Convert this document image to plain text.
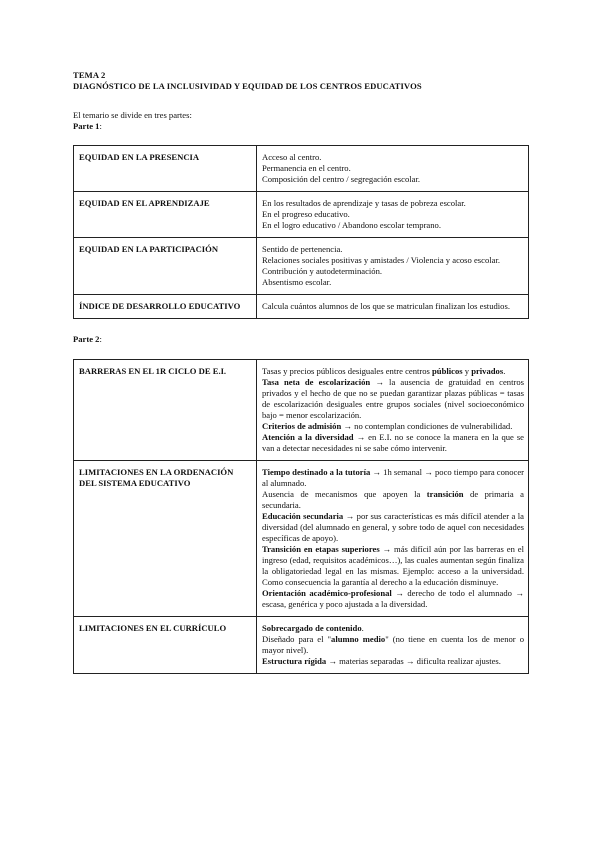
TEMA 2
DIAGNÓSTICO DE LA INCLUSIVIDAD Y EQUIDAD DE LOS CENTROS EDUCATIVOS
El temario se divide en tres partes:
Parte 1:
EQUIDAD EN LA PRESENCIA	Acceso al centro.

Permanencia en el centro.

Composición del centro / segregación escolar.

EQUIDAD EN EL APRENDIZAJE	En los resultados de aprendizaje y tasas de pobreza escolar.

En el progreso educativo.

En el logro educativo / Abandono escolar temprano.

EQUIDAD EN LA PARTICIPACIÓN	Sentido de pertenencia.

Relaciones sociales positivas y amistades / Violencia y acoso escolar.

Contribución y autodeterminación.

Absentismo escolar.

ÍNDICE DE DESARROLLO EDUCATIVO	Calcula cuántos alumnos de los que se matriculan finalizan los estudios.

Parte 2:
BARRERAS EN EL 1R CICLO DE E.I.	Tasas y precios públicos desiguales entre centros públicos y privados.

Tasa neta de escolarización → la ausencia de gratuidad en centros privados y el hecho de que no se puedan garantizar plazas públicas = tasas de escolarización desiguales entre grupos sociales (nivel socioeconómico bajo = menor escolarización.

Criterios de admisión → no contemplan condiciones de vulnerabilidad.

Atención a la diversidad → en E.I. no se conoce la manera en la que se van a detectar necesidades ni se sabe cómo intervenir.

LIMITACIONES EN LA ORDENACIÓN DEL SISTEMA EDUCATIVO	Tiempo destinado a la tutoría → 1h semanal → poco tiempo para conocer al alumnado.

Ausencia de mecanismos que apoyen la transición de primaria a secundaria.

Educación secundaria → por sus características es más difícil atender a la diversidad (del alumnado en general, y sobre todo de aquel con necesidades específicas de apoyo).

Transición en etapas superiores → más difícil aún por las barreras en el ingreso (edad, requisitos académicos…), las cuales aumentan según finaliza la obligatoriedad legal en las mismas. Ejemplo: acceso a la universidad. Como consecuencia la garantía al derecho a la educación disminuye.

Orientación académico-profesional → derecho de todo el alumnado → escasa, genérica y poco ajustada a la diversidad.

LIMITACIONES EN EL CURRÍCULO	Sobrecargado de contenido.

Diseñado para el "alumno medio" (no tiene en cuenta los de menor o mayor nivel).

Estructura rígida → materias separadas → dificulta realizar ajustes.
